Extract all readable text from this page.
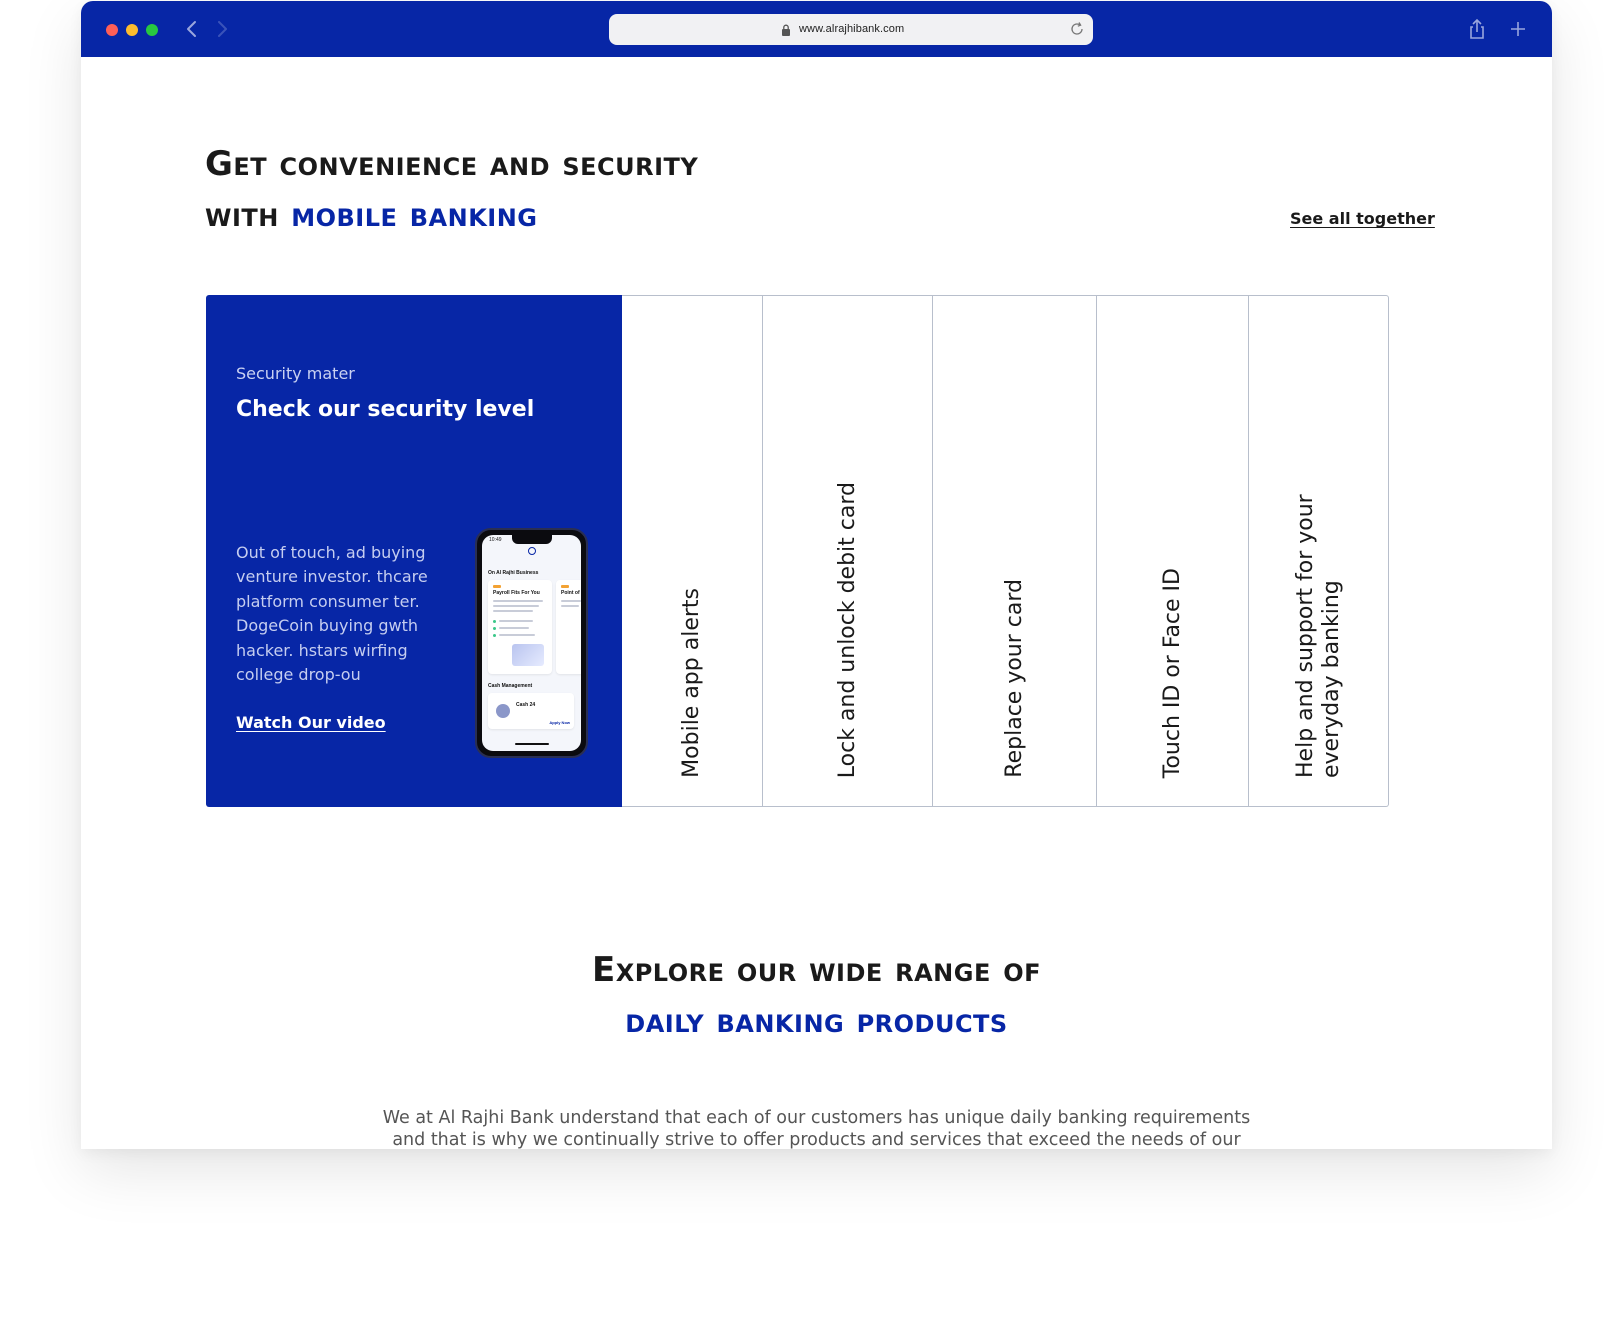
www.alrajhibank.com
Get convenience and security
with mobile banking	See all together
Security mater
Check our security level

Out of touch, ad buying venture investor. thcare platform consumer ter. DogeCoin buying gwth hacker. hstars wirfing college drop-ou

Watch Our video
10:49
On Al Rajhi Business
Payroll Fits For You	Point of
Cash Management
Cash 24
Apply Now	Mobile app alerts	Lock and unlock debit card	Replace your card	Touch ID or Face ID	Help and support for your everyday banking
Explore our wide range of
daily banking products

We at Al Rajhi Bank understand that each of our customers has unique daily banking requirements
and that is why we continually strive to offer products and services that exceed the needs of our
